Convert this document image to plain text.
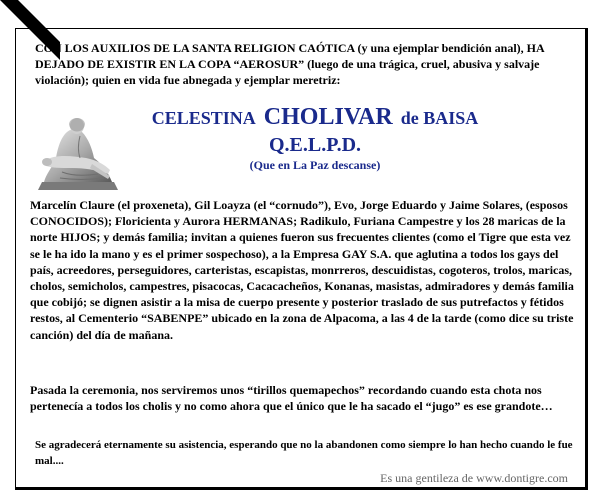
CON LOS AUXILIOS DE LA SANTA RELIGION CAÓTICA (y una ejemplar bendición anal), HA DEJADO DE EXISTIR EN LA COPA “AEROSUR” (luego de una trágica, cruel, abusiva y salvaje violación); quien en vida fue abnegada y ejemplar meretriz:
CELESTINA CHOLIVAR de BAISA
Q.E.L.P.D.
(Que en La Paz descanse)
Marcelín Claure (el proxeneta), Gil Loayza (el “cornudo”), Evo, Jorge Eduardo y Jaime Solares, (esposos CONOCIDOS); Floricienta y Aurora HERMANAS; Radikulo, Furiana Campestre y los 28 maricas de la norte HIJOS; y demás familia; invitan a quienes fueron sus frecuentes clientes (como el Tigre que esta vez se le ha ido la mano y es el primer sospechoso), a la Empresa GAY S.A. que aglutina a todos los gays del país, acreedores, perseguidores, carteristas, escapistas, monrreros, descuidistas, cogoteros, trolos, maricas, cholos, semicholos, campestres, pisacocas, Cacacacheños, Konanas, masistas, admiradores y demás familia que cobijó; se dignen asistir a la misa de cuerpo presente y posterior traslado de sus putrefactos y fétidos restos, al Cementerio “SABENPE” ubicado en la zona de Alpacoma, a las 4 de la tarde (como dice su triste canción) del día de mañana.
Pasada la ceremonia, nos serviremos unos “tirillos quemapechos” recordando cuando esta chota nos pertenecía a todos los cholis y no como ahora que el único que le ha sacado el “jugo” es ese grandote…
Se agradecerá eternamente su asistencia, esperando que no la abandonen como siempre lo han hecho cuando le fue mal....
Es una gentileza de www.dontigre.com
